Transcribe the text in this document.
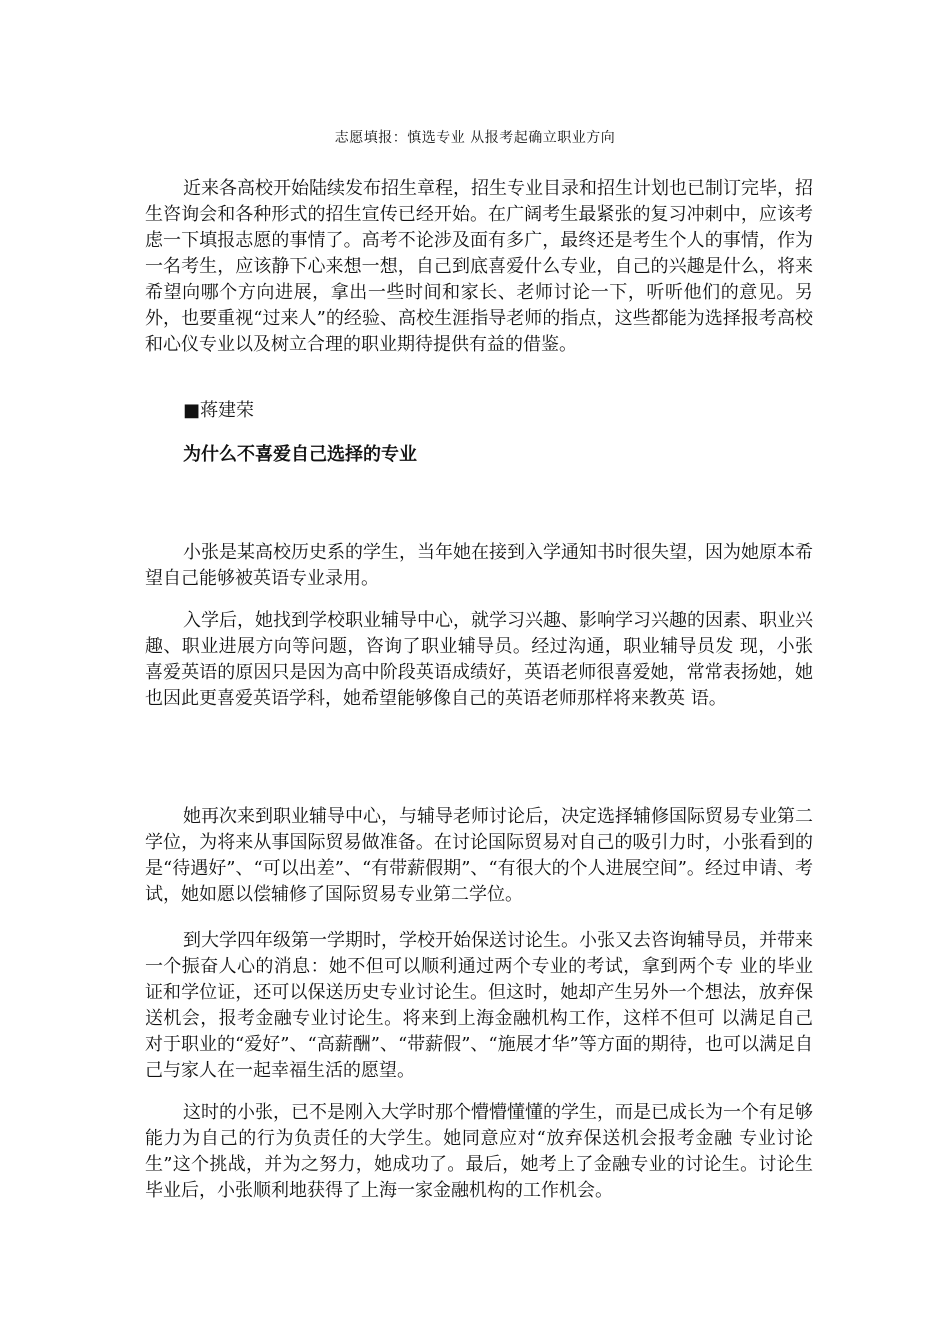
志愿填报：慎选专业 从报考起确立职业方向

近来各高校开始陆续发布招生章程，招生专业目录和招生计划也已制订完毕，招生咨询会和各种形式的招生宣传已经开始。在广阔考生最紧张的复习冲刺中，应该考虑一下填报志愿的事情了。高考不论涉及面有多广，最终还是考生个人的事情，作为一名考生，应该静下心来想一想，自己到底喜爱什么专业，自己的兴趣是什么，将来希望向哪个方向进展，拿出一些时间和家长、老师讨论一下，听听他们的意见。另外，也要重视“过来人”的经验、高校生涯指导老师的指点，这些都能为选择报考高校和心仪专业以及树立合理的职业期待提供有益的借鉴。

■蒋建荣
为什么不喜爱自己选择的专业

小张是某高校历史系的学生，当年她在接到入学通知书时很失望，因为她原本希望自己能够被英语专业录用。

入学后，她找到学校职业辅导中心，就学习兴趣、影响学习兴趣的因素、职业兴趣、职业进展方向等问题，咨询了职业辅导员。经过沟通，职业辅导员发 现，小张喜爱英语的原因只是因为高中阶段英语成绩好，英语老师很喜爱她，常常表扬她，她也因此更喜爱英语学科，她希望能够像自己的英语老师那样将来教英 语。

她再次来到职业辅导中心，与辅导老师讨论后，决定选择辅修国际贸易专业第二学位，为将来从事国际贸易做准备。在讨论国际贸易对自己的吸引力时，小张看到的是“待遇好”、“可以出差”、“有带薪假期”、“有很大的个人进展空间”。经过申请、考试，她如愿以偿辅修了国际贸易专业第二学位。

到大学四年级第一学期时，学校开始保送讨论生。小张又去咨询辅导员，并带来一个振奋人心的消息：她不但可以顺利通过两个专业的考试，拿到两个专 业的毕业证和学位证，还可以保送历史专业讨论生。但这时，她却产生另外一个想法，放弃保送机会，报考金融专业讨论生。将来到上海金融机构工作，这样不但可 以满足自己对于职业的“爱好”、“高薪酬”、“带薪假”、“施展才华”等方面的期待，也可以满足自己与家人在一起幸福生活的愿望。

这时的小张，已不是刚入大学时那个懵懵懂懂的学生，而是已成长为一个有足够能力为自己的行为负责任的大学生。她同意应对“放弃保送机会报考金融 专业讨论生”这个挑战，并为之努力，她成功了。最后，她考上了金融专业的讨论生。讨论生毕业后，小张顺利地获得了上海一家金融机构的工作机会。
